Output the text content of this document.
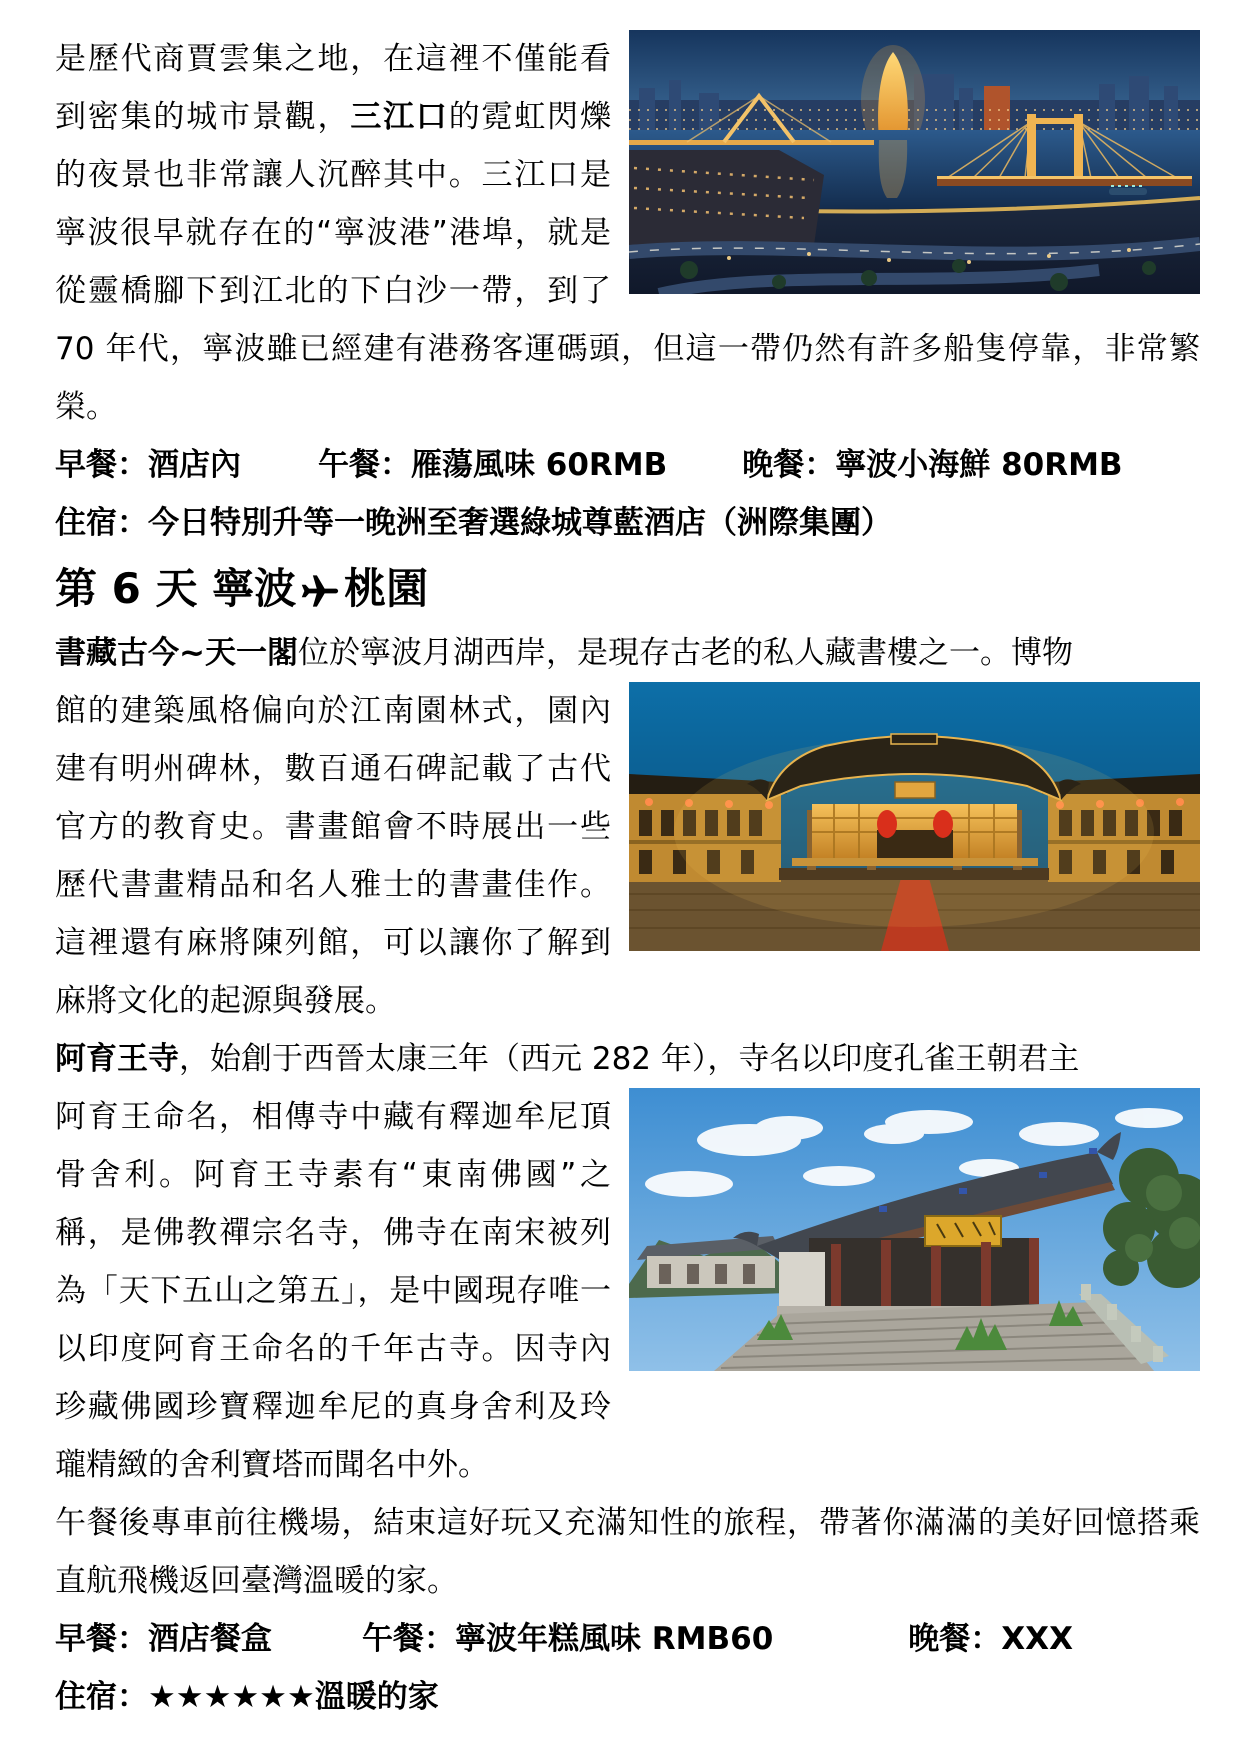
是歷代商賈雲集之地，在這裡不僅能看到密集的城市景觀，三江口的霓虹閃爍的夜景也非常讓人沉醉其中。三江口是寧波很早就存在的“寧波港”港埠，就是從靈橋腳下到江北的下白沙一帶，到了 70 年代，寧波雖已經建有港務客運碼頭，但這一帶仍然有許多船隻停靠，非常繁榮。
早餐：酒店內 午餐：雁蕩風味 60RMB 晚餐：寧波小海鮮 80RMB
住宿：今日特別升等一晚洲至奢選綠城尊藍酒店（洲際集團）
第 6 天 寧波 桃園
書藏古今~天一閣位於寧波月湖西岸，是現存古老的私人藏書樓之一。博物
館的建築風格偏向於江南園林式，園內建有明州碑林，數百通石碑記載了古代官方的教育史。書畫館會不時展出一些歷代書畫精品和名人雅士的書畫佳作。這裡還有麻將陳列館，可以讓你了解到麻將文化的起源與發展。
阿育王寺，始創于西晉太康三年（西元 282 年），寺名以印度孔雀王朝君主
阿育王命名，相傳寺中藏有釋迦牟尼頂骨舍利。阿育王寺素有“東南佛國”之稱，是佛教禪宗名寺，佛寺在南宋被列為「天下五山之第五」，是中國現存唯一以印度阿育王命名的千年古寺。因寺內珍藏佛國珍寶釋迦牟尼的真身舍利及玲瓏精緻的舍利寶塔而聞名中外。
午餐後專車前往機場，結束這好玩又充滿知性的旅程，帶著你滿滿的美好回憶搭乘直航飛機返回臺灣溫暖的家。
早餐：酒店餐盒	午餐：寧波年糕風味 RMB60	晚餐：XXX
住宿：★★★★★★溫暖的家
